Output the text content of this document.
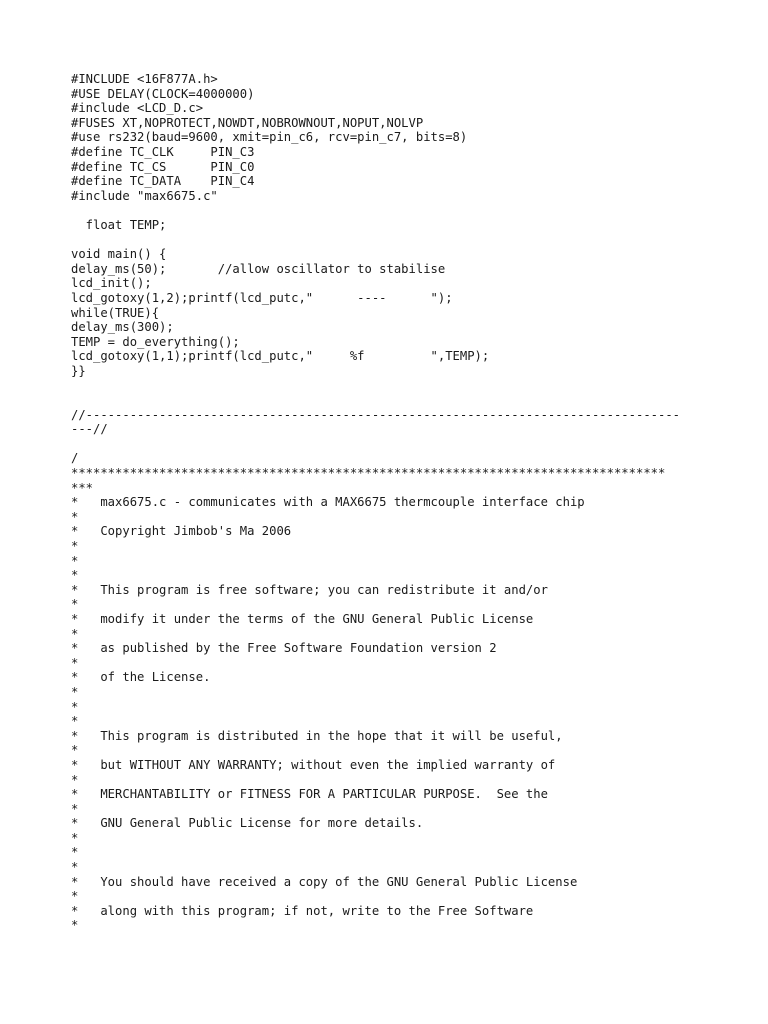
#INCLUDE <16F877A.h>
#USE DELAY(CLOCK=4000000)
#include <LCD_D.c>
#FUSES XT,NOPROTECT,NOWDT,NOBROWNOUT,NOPUT,NOLVP
#use rs232(baud=9600, xmit=pin_c6, rcv=pin_c7, bits=8)
#define TC_CLK     PIN_C3
#define TC_CS      PIN_C0
#define TC_DATA    PIN_C4
#include "max6675.c"
float TEMP;
void main() {
delay_ms(50);       //allow oscillator to stabilise
lcd_init();
lcd_gotoxy(1,2);printf(lcd_putc,"      ----      ");
while(TRUE){
delay_ms(300);
TEMP = do_everything();
lcd_gotoxy(1,1);printf(lcd_putc,"     %f         ",TEMP);
}}
//---------------------------------------------------------------------------------
---//
/
*********************************************************************************
***
*   max6675.c - communicates with a MAX6675 thermcouple interface chip
*
*   Copyright Jimbob's Ma 2006
*
*
*
*   This program is free software; you can redistribute it and/or
*
*   modify it under the terms of the GNU General Public License
*
*   as published by the Free Software Foundation version 2
*
*   of the License.
*
*
*
*   This program is distributed in the hope that it will be useful,
*
*   but WITHOUT ANY WARRANTY; without even the implied warranty of
*
*   MERCHANTABILITY or FITNESS FOR A PARTICULAR PURPOSE.  See the
*
*   GNU General Public License for more details.
*
*
*
*   You should have received a copy of the GNU General Public License
*
*   along with this program; if not, write to the Free Software
*
